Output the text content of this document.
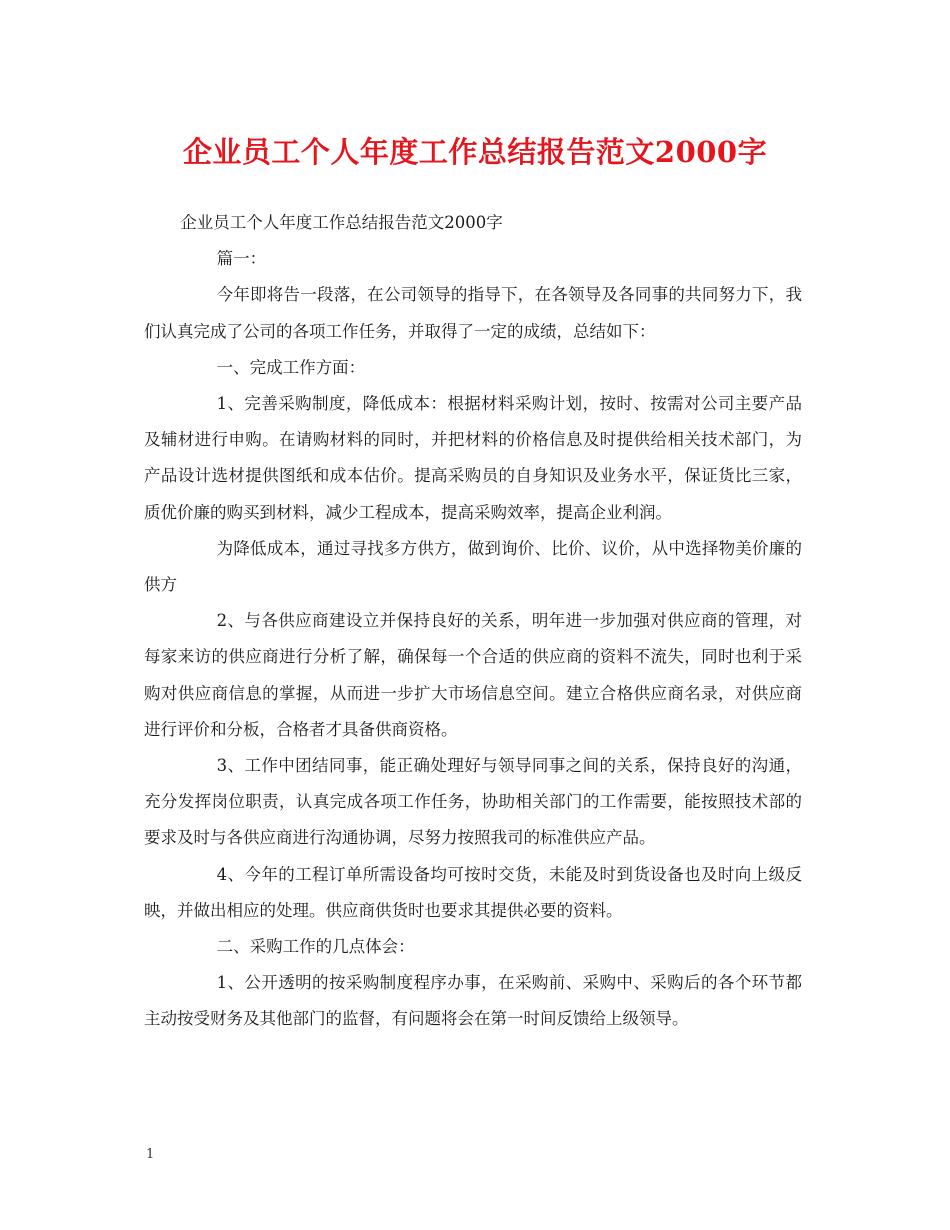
企业员工个人年度工作总结报告范文2000字

企业员工个人年度工作总结报告范文2000字

篇一：

今年即将告一段落，在公司领导的指导下，在各领导及各同事的共同努力下，我们认真完成了公司的各项工作任务，并取得了一定的成绩，总结如下：

一、完成工作方面：

1、完善采购制度，降低成本：根据材料采购计划，按时、按需对公司主要产品及辅材进行申购。在请购材料的同时，并把材料的价格信息及时提供给相关技术部门，为产品设计选材提供图纸和成本估价。提高采购员的自身知识及业务水平，保证货比三家，质优价廉的购买到材料，减少工程成本，提高采购效率，提高企业利润。

为降低成本，通过寻找多方供方，做到询价、比价、议价，从中选择物美价廉的供方

2、与各供应商建设立并保持良好的关系，明年进一步加强对供应商的管理，对每家来访的供应商进行分析了解，确保每一个合适的供应商的资料不流失，同时也利于采购对供应商信息的掌握，从而进一步扩大市场信息空间。建立合格供应商名录，对供应商进行评价和分板，合格者才具备供商资格。

3、工作中团结同事，能正确处理好与领导同事之间的关系，保持良好的沟通，充分发挥岗位职责，认真完成各项工作任务，协助相关部门的工作需要，能按照技术部的要求及时与各供应商进行沟通协调，尽努力按照我司的标准供应产品。

4、今年的工程订单所需设备均可按时交货，未能及时到货设备也及时向上级反映，并做出相应的处理。供应商供货时也要求其提供必要的资料。

二、采购工作的几点体会：

1、公开透明的按采购制度程序办事，在采购前、采购中、采购后的各个环节都主动按受财务及其他部门的监督，有问题将会在第一时间反馈给上级领导。

1
